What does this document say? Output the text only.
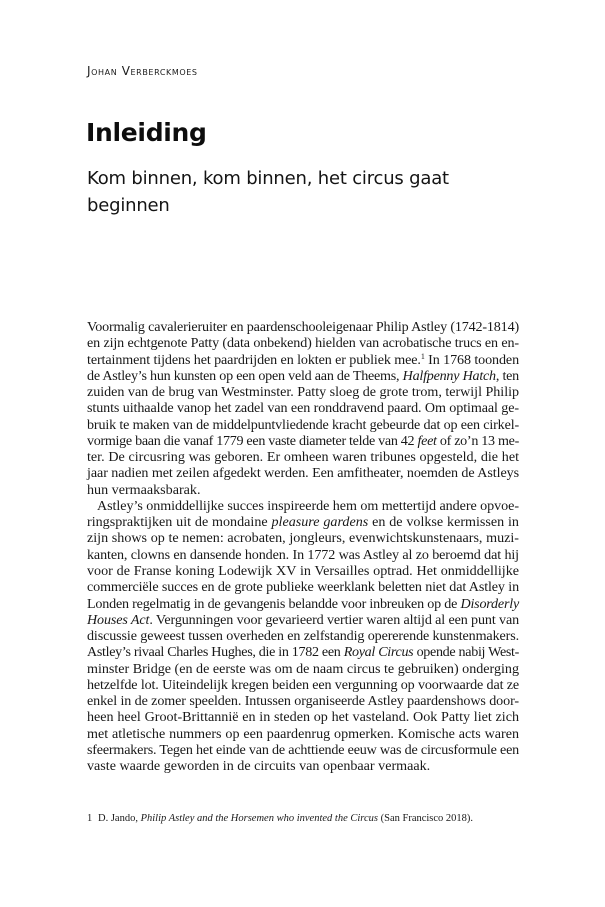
Johan Verberckmoes
Inleiding
Kom binnen, kom binnen, het circus gaat beginnen
Voormalig cavalerieruiter en paardenschooleigenaar Philip Astley (1742-1814)
en zijn echtgenote Patty (data onbekend) hielden van acrobatische trucs en en-
tertainment tijdens het paardrijden en lokten er publiek mee.$^1$ In 1768 toonden
de Astley’s hun kunsten op een open veld aan de Theems, Halfpenny Hatch, ten
zuiden van de brug van Westminster. Patty sloeg de grote trom, terwijl Philip
stunts uithaalde vanop het zadel van een ronddravend paard. Om optimaal ge-
bruik te maken van de middelpuntvliedende kracht gebeurde dat op een cirkel-
vormige baan die vanaf 1779 een vaste diameter telde van 42 feet of zo’n 13 me-
ter. De circusring was geboren. Er omheen waren tribunes opgesteld, die het
jaar nadien met zeilen afgedekt werden. Een amfitheater, noemden de Astleys
hun vermaaksbarak.
Astley’s onmiddellijke succes inspireerde hem om mettertijd andere opvoe-
ringspraktijken uit de mondaine pleasure gardens en de volkse kermissen in
zijn shows op te nemen: acrobaten, jongleurs, evenwichtskunstenaars, muzi-
kanten, clowns en dansende honden. In 1772 was Astley al zo beroemd dat hij
voor de Franse koning Lodewijk XV in Versailles optrad. Het onmiddellijke
commerciële succes en de grote publieke weerklank beletten niet dat Astley in
Londen regelmatig in de gevangenis belandde voor inbreuken op de Disorderly
Houses Act. Vergunningen voor gevarieerd vertier waren altijd al een punt van
discussie geweest tussen overheden en zelfstandig opererende kunstenmakers.
Astley’s rivaal Charles Hughes, die in 1782 een Royal Circus opende nabij West-
minster Bridge (en de eerste was om de naam circus te gebruiken) onderging
hetzelfde lot. Uiteindelijk kregen beiden een vergunning op voorwaarde dat ze
enkel in de zomer speelden. Intussen organiseerde Astley paardenshows door-
heen heel Groot-Brittannië en in steden op het vasteland. Ook Patty liet zich
met atletische nummers op een paardenrug opmerken. Komische acts waren
sfeermakers. Tegen het einde van de achttiende eeuw was de circusformule een
vaste waarde geworden in de circuits van openbaar vermaak.
1 D. Jando, Philip Astley and the Horsemen who invented the Circus (San Francisco 2018).
